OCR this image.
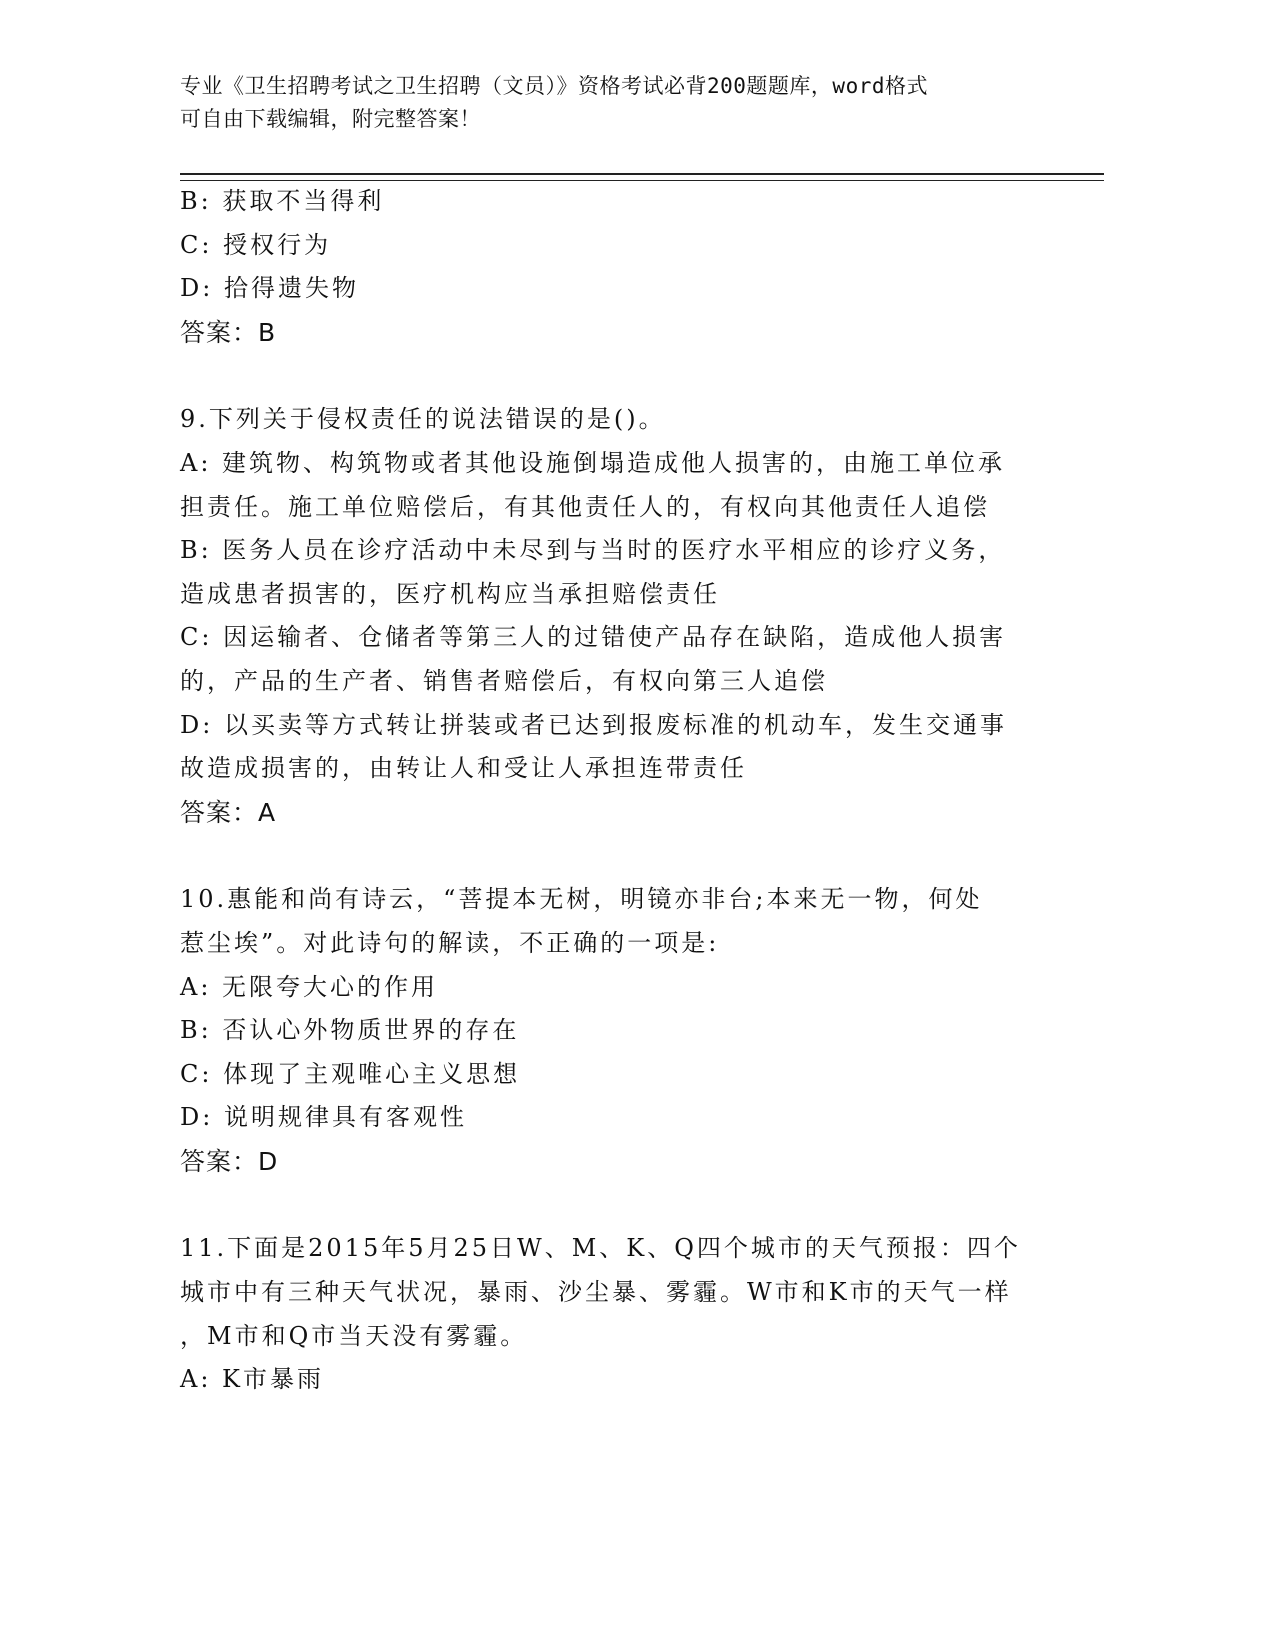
专业《卫生招聘考试之卫生招聘（文员）》资格考试必背200题题库，word格式
可自由下载编辑，附完整答案！
B: 获取不当得利
C: 授权行为
D: 拾得遗失物
答案：B
9.下列关于侵权责任的说法错误的是()。
A: 建筑物、构筑物或者其他设施倒塌造成他人损害的，由施工单位承
担责任。施工单位赔偿后，有其他责任人的，有权向其他责任人追偿
B: 医务人员在诊疗活动中未尽到与当时的医疗水平相应的诊疗义务，
造成患者损害的，医疗机构应当承担赔偿责任
C: 因运输者、仓储者等第三人的过错使产品存在缺陷，造成他人损害
的，产品的生产者、销售者赔偿后，有权向第三人追偿
D: 以买卖等方式转让拼装或者已达到报废标准的机动车，发生交通事
故造成损害的，由转让人和受让人承担连带责任
答案：A
10.惠能和尚有诗云，“菩提本无树，明镜亦非台;本来无一物，何处
惹尘埃”。对此诗句的解读，不正确的一项是:
A: 无限夸大心的作用
B: 否认心外物质世界的存在
C: 体现了主观唯心主义思想
D: 说明规律具有客观性
答案：D
11.下面是2015年5月25日W、M、K、Q四个城市的天气预报：四个
城市中有三种天气状况，暴雨、沙尘暴、雾霾。W市和K市的天气一样
，M市和Q市当天没有雾霾。
A: K市暴雨
